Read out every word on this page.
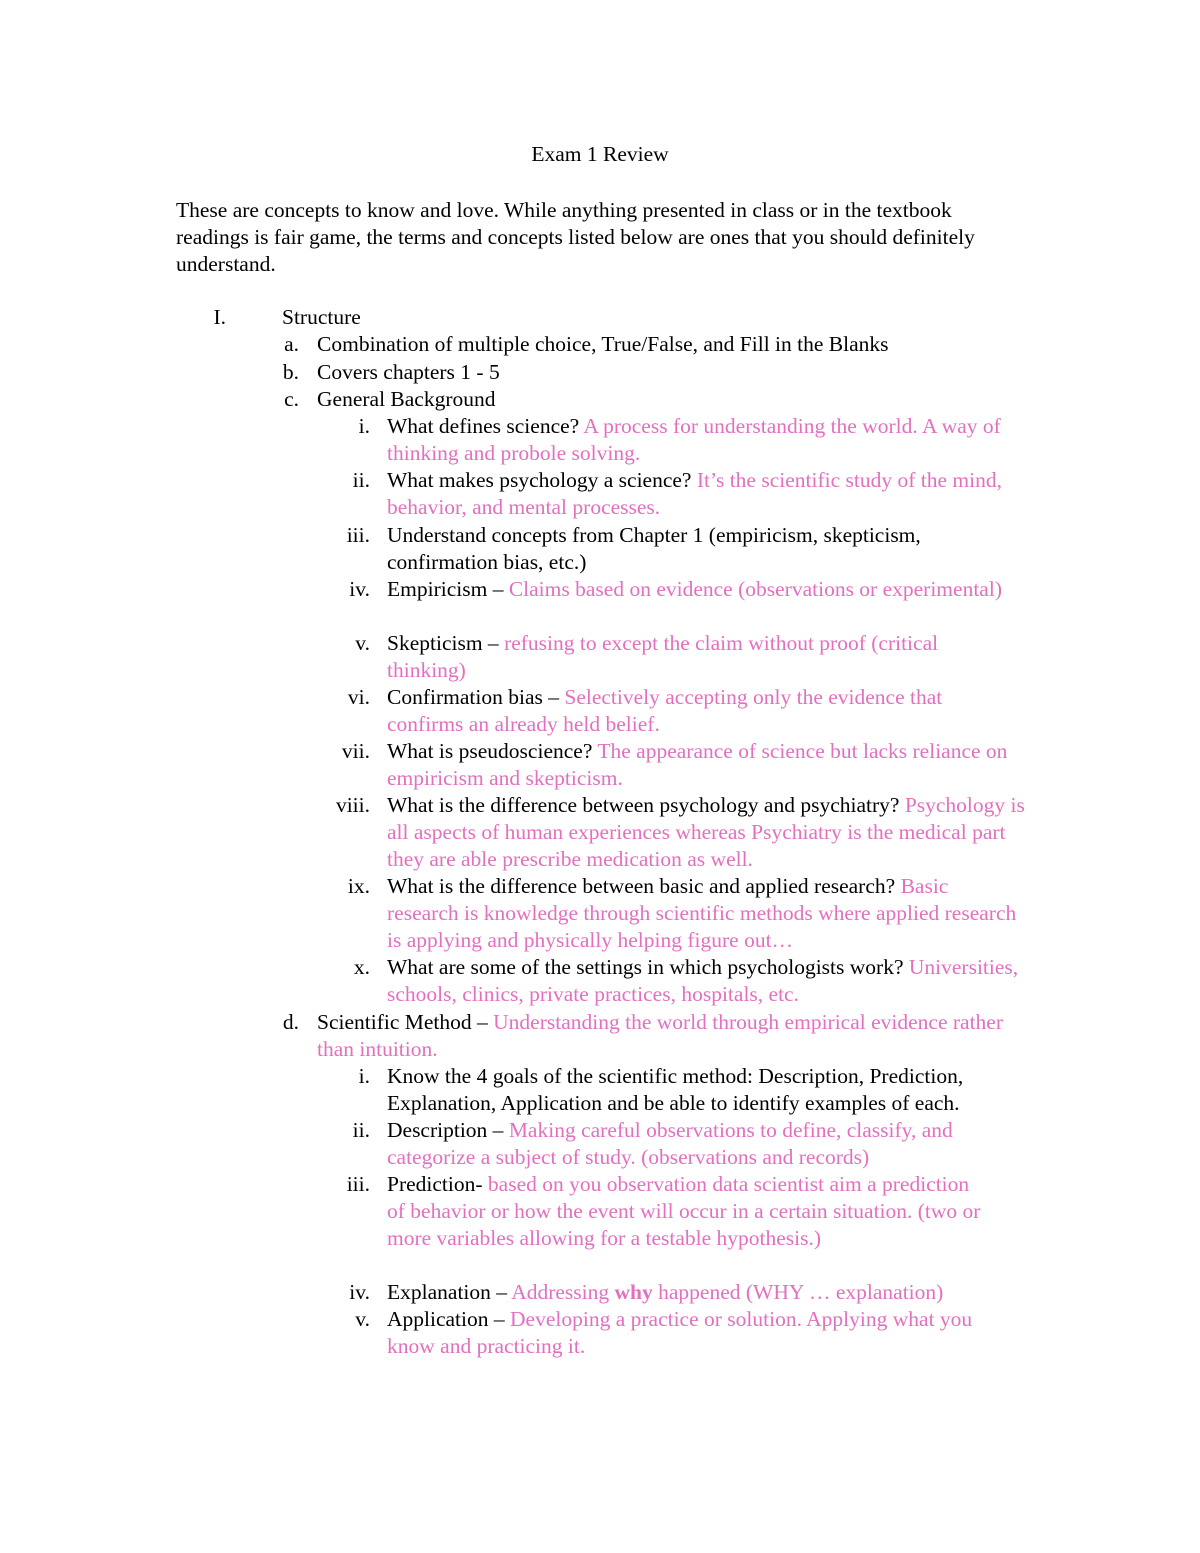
Exam 1 Review
These are concepts to know and love. While anything presented in class or in the textbook readings is fair game, the terms and concepts listed below are ones that you should definitely understand.
I.	Structure
a. Combination of multiple choice, True/False, and Fill in the Blanks
b. Covers chapters 1 - 5
c. General Background
i. What defines science? A process for understanding the world. A way of thinking and probole solving.
ii. What makes psychology a science? It’s the scientific study of the mind, behavior, and mental processes.
iii. Understand concepts from Chapter 1 (empiricism, skepticism, confirmation bias, etc.)
iv. Empiricism – Claims based on evidence (observations or experimental)
v. Skepticism – refusing to except the claim without proof (critical thinking)
vi. Confirmation bias – Selectively accepting only the evidence that confirms an already held belief.
vii. What is pseudoscience? The appearance of science but lacks reliance on empiricism and skepticism.
viii. What is the difference between psychology and psychiatry? Psychology is all aspects of human experiences whereas Psychiatry is the medical part they are able prescribe medication as well.
ix. What is the difference between basic and applied research? Basic research is knowledge through scientific methods where applied research is applying and physically helping figure out…
x. What are some of the settings in which psychologists work? Universities, schools, clinics, private practices, hospitals, etc.
d. Scientific Method – Understanding the world through empirical evidence rather than intuition.
i. Know the 4 goals of the scientific method: Description, Prediction, Explanation, Application and be able to identify examples of each.
ii. Description – Making careful observations to define, classify, and categorize a subject of study. (observations and records)
iii. Prediction- based on you observation data scientist aim a prediction of behavior or how the event will occur in a certain situation. (two or more variables allowing for a testable hypothesis.)
iv. Explanation – Addressing why happened (WHY … explanation)
v. Application – Developing a practice or solution. Applying what you know and practicing it.
